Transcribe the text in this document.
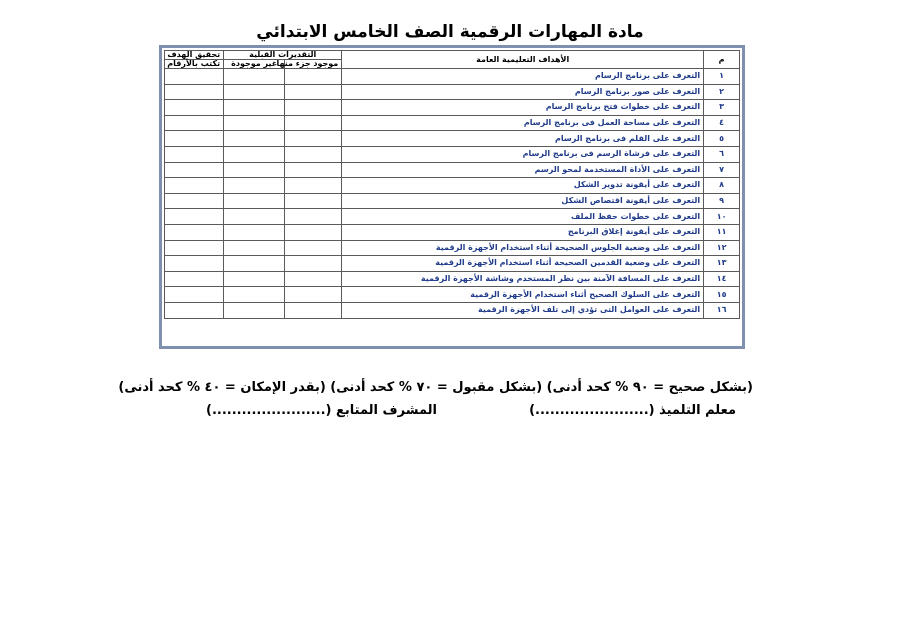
مادة المهارات الرقمية الصف الخامس الابتدائي
م	الأهداف التعليمية العامة	التقديرات القبلية		تحقيق الهدف
		موجود جزء منها	غير موجودة	تكتب بالأرقام
١	التعرف على برنامج الرسام			
٢	التعرف على صور برنامج الرسام			
٣	التعرف على خطوات فتح برنامج الرسام			
٤	التعرف على مساحة العمل فى برنامج الرسام			
٥	التعرف على القلم فى برنامج الرسام			
٦	التعرف على فرشاة الرسم فى برنامج الرسام			
٧	التعرف على الأداة المستخدمة لمحو الرسم			
٨	التعرف على أيقونة تدوير الشكل			
٩	التعرف على أيقونة اقتصاص الشكل			
١٠	التعرف على خطوات حفظ الملف			
١١	التعرف على أيقونة إغلاق البرنامج			
١٢	التعرف على وضعية الجلوس الصحيحة أثناء استخدام الأجهزة الرقمية			
١٣	التعرف على وضعية القدمين الصحيحة أثناء استخدام الأجهزة الرقمية			
١٤	التعرف على المسافة الآمنة بين نظر المستخدم وشاشة الأجهزة الرقمية			
١٥	التعرف على السلوك الصحيح أثناء استخدام الأجهزة الرقمية			
١٦	التعرف على العوامل التى تؤدي إلى تلف الأجهزة الرقمية			
(بشكل صحيح = ٩٠ % كحد أدنى) (بشكل مقبول = ٧٠ % كحد أدنى) (بقدر الإمكان = ٤٠ % كحد أدنى)
معلم التلميذ (.......................)
المشرف المتابع (.......................)
